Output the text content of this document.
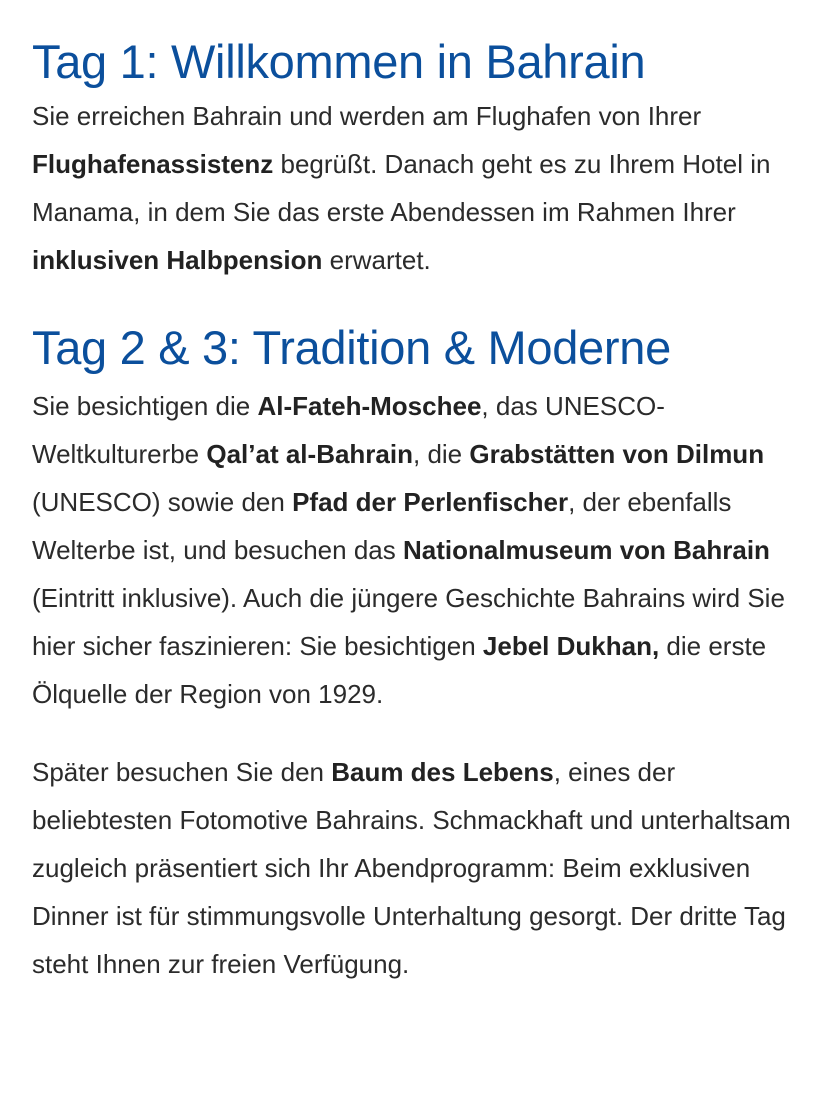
Tag 1: Willkommen in Bahrain

Sie erreichen Bahrain und werden am Flughafen von Ihrer Flughafenassistenz begrüßt. Danach geht es zu Ihrem Hotel in Manama, in dem Sie das erste Abendessen im Rahmen Ihrer inklusiven Halbpension erwartet.

Tag 2 & 3: Tradition & Moderne

Sie besichtigen die Al-Fateh-Moschee, das UNESCO-Weltkulturerbe Qal’at al-Bahrain, die Grabstätten von Dilmun (UNESCO) sowie den Pfad der Perlenfischer, der ebenfalls Welterbe ist, und besuchen das Nationalmuseum von Bahrain (Eintritt inklusive). Auch die jüngere Geschichte Bahrains wird Sie hier sicher faszinieren: Sie besichtigen Jebel Dukhan, die erste Ölquelle der Region von 1929.

Später besuchen Sie den Baum des Lebens, eines der beliebtesten Fotomotive Bahrains. Schmackhaft und unterhaltsam zugleich präsentiert sich Ihr Abendprogramm: Beim exklusiven Dinner ist für stimmungsvolle Unterhaltung gesorgt. Der dritte Tag steht Ihnen zur freien Verfügung.
